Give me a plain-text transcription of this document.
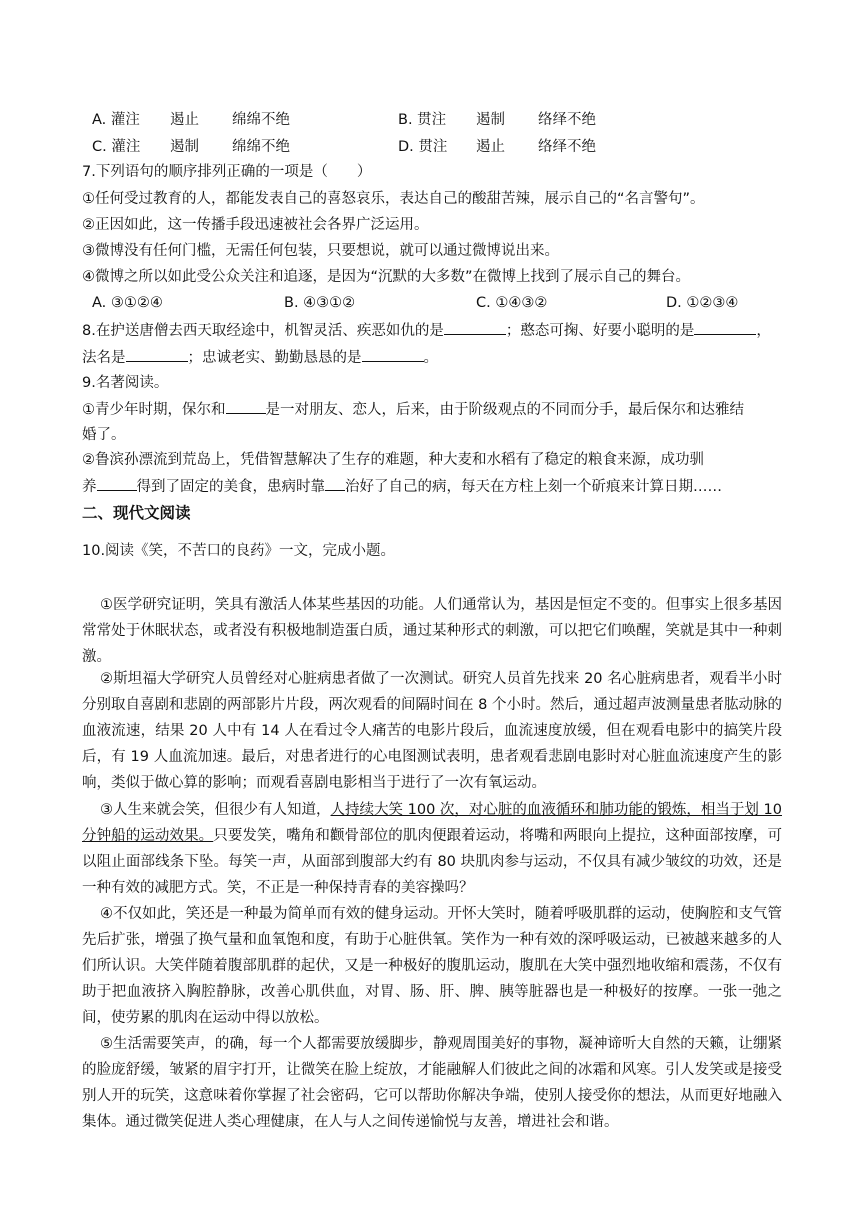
A. 灌注 遏止 绵绵不绝	B. 贯注 遏制 络绎不绝
C. 灌注 遏制 绵绵不绝	D. 贯注 遏止 络绎不绝
7.下列语句的顺序排列正确的一项是（　　）
①任何受过教育的人，都能发表自己的喜怒哀乐，表达自己的酸甜苦辣，展示自己的“名言警句”。
②正因如此，这一传播手段迅速被社会各界广泛运用。
③微博没有任何门槛，无需任何包装，只要想说，就可以通过微博说出来。
④微博之所以如此受公众关注和追逐，是因为“沉默的大多数”在微博上找到了展示自己的舞台。
A. ③①②④	B. ④③①②	C. ①④③②	D. ①②③④
8.在护送唐僧去西天取经途中，机智灵活、疾恶如仇的是	；憨态可掬、好要小聪明的是	，
法名是	；忠诚老实、勤勤恳恳的是	。
9.名著阅读。
①青少年时期，保尔和	是一对朋友、恋人，后来，由于阶级观点的不同而分手，最后保尔和达雅结
婚了。
②鲁滨孙漂流到荒岛上，凭借智慧解决了生存的难题，种大麦和水稻有了稳定的粮食来源，成功驯
养	得到了固定的美食，患病时靠 治好了自己的病，每天在方柱上刻一个斫痕来计算日期……
二、现代文阅读
10.阅读《笑，不苦口的良药》一文，完成小题。
①医学研究证明，笑具有激活人体某些基因的功能。人们通常认为，基因是恒定不变的。但事实上很多基因常常处于休眠状态，或者没有积极地制造蛋白质，通过某种形式的刺激，可以把它们唤醒，笑就是其中一种刺激。
②斯坦福大学研究人员曾经对心脏病患者做了一次测试。研究人员首先找来 20 名心脏病患者，观看半小时分别取自喜剧和悲剧的两部影片片段，两次观看的间隔时间在 8 个小时。然后，通过超声波测量患者肱动脉的血液流速，结果 20 人中有 14 人在看过令人痛苦的电影片段后，血流速度放缓，但在观看电影中的搞笑片段后，有 19 人血流加速。最后，对患者进行的心电图测试表明，患者观看悲剧电影时对心脏血流速度产生的影响，类似于做心算的影响；而观看喜剧电影相当于进行了一次有氧运动。
③人生来就会笑，但很少有人知道，人持续大笑 100 次，对心脏的血液循环和肺功能的锻炼，相当于划 10 分钟船的运动效果。只要发笑，嘴角和颧骨部位的肌肉便跟着运动，将嘴和两眼向上提拉，这种面部按摩，可以阻止面部线条下坠。每笑一声，从面部到腹部大约有 80 块肌肉参与运动，不仅具有减少皱纹的功效，还是一种有效的减肥方式。笑，不正是一种保持青春的美容操吗？
④不仅如此，笑还是一种最为简单而有效的健身运动。开怀大笑时，随着呼吸肌群的运动，使胸腔和支气管先后扩张，增强了换气量和血氧饱和度，有助于心脏供氧。笑作为一种有效的深呼吸运动，已被越来越多的人们所认识。大笑伴随着腹部肌群的起伏，又是一种极好的腹肌运动，腹肌在大笑中强烈地收缩和震荡，不仅有助于把血液挤入胸腔静脉，改善心肌供血，对胃、肠、肝、脾、胰等脏器也是一种极好的按摩。一张一弛之间，使劳累的肌肉在运动中得以放松。
⑤生活需要笑声，的确，每一个人都需要放缓脚步，静观周围美好的事物，凝神谛听大自然的天籁，让绷紧的脸庞舒缓，皱紧的眉宇打开，让微笑在脸上绽放，才能融解人们彼此之间的冰霜和风寒。引人发笑或是接受别人开的玩笑，这意味着你掌握了社会密码，它可以帮助你解决争端，使别人接受你的想法，从而更好地融入集体。通过微笑促进人类心理健康，在人与人之间传递愉悦与友善，增进社会和谐。
